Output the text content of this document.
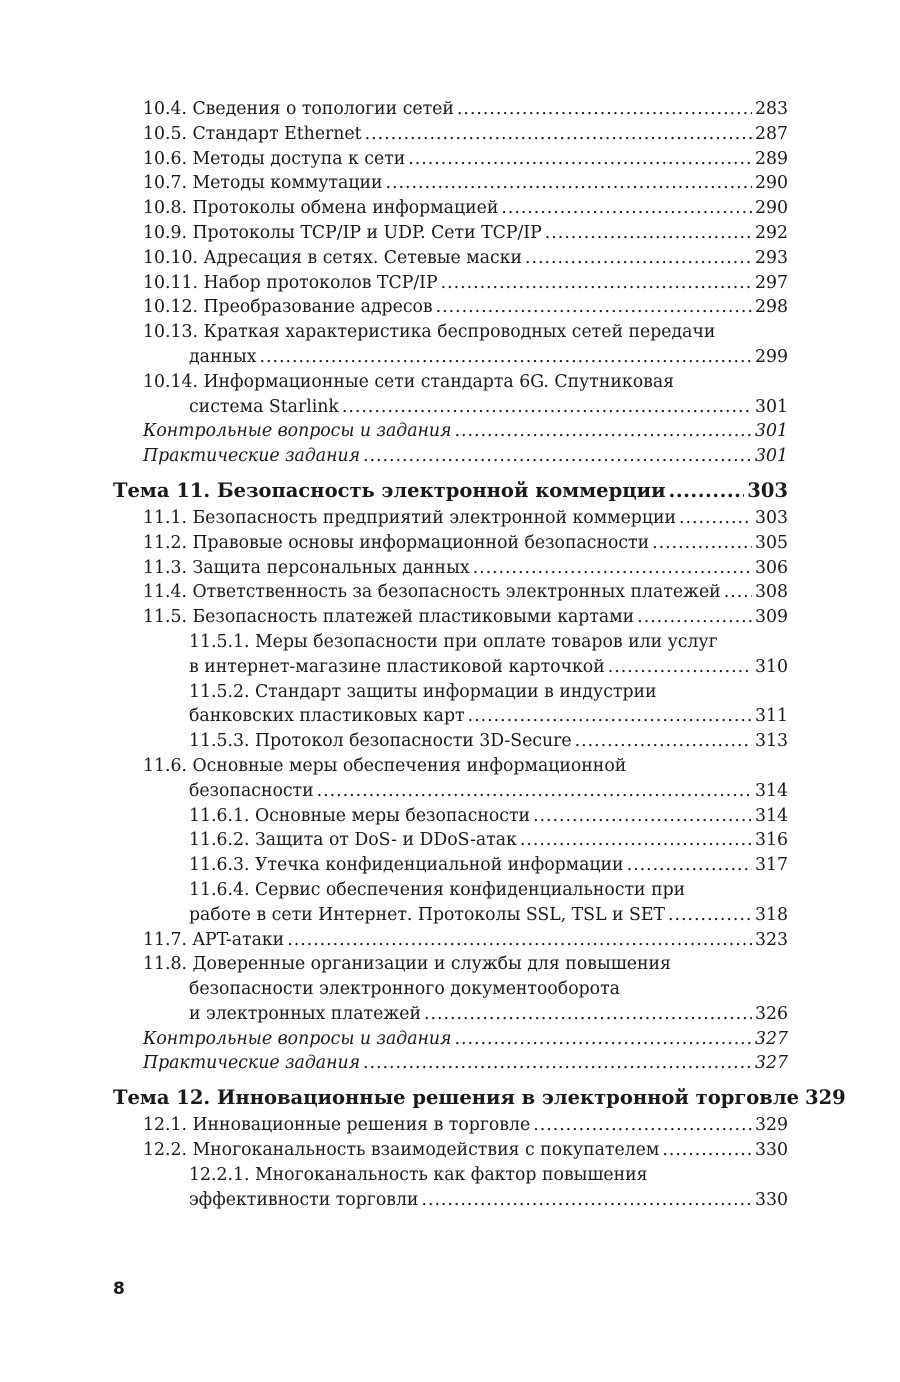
10.4. Сведения о топологии сетей .....	283
10.5. Стандарт Ethernet .....	287
10.6. Методы доступа к сети .....	289
10.7. Методы коммутации .....	290
10.8. Протоколы обмена информацией .....	290
10.9. Протоколы TCP/IP и UDP. Сети TCP/IP .....	292
10.10. Адресация в сетях. Сетевые маски .....	293
10.11. Набор протоколов TCP/IP .....	297
10.12. Преобразование адресов .....	298
10.13. Краткая характеристика беспроводных сетей передачи
данных .....	299
10.14. Информационные сети стандарта 6G. Спутниковая
система Starlink .....	301
Контрольные вопросы и задания .....	301
Практические задания .....	301
Тема 11. Безопасность электронной коммерции .....	303
11.1. Безопасность предприятий электронной коммерции .....	303
11.2. Правовые основы информационной безопасности .....	305
11.3. Защита персональных данных .....	306
11.4. Ответственность за безопасность электронных платежей ..... 308
11.5. Безопасность платежей пластиковыми картами .....	309
11.5.1. Меры безопасности при оплате товаров или услуг
в интернет-магазине пластиковой карточкой .....	310
11.5.2. Стандарт защиты информации в индустрии
банковских пластиковых карт .....	311
11.5.3. Протокол безопасности 3D-Secure .....	313
11.6. Основные меры обеспечения информационной
безопасности .....	314
11.6.1. Основные меры безопасности .....	314
11.6.2. Защита от DoS- и DDoS-атак .....	316
11.6.3. Утечка конфиденциальной информации .....	317
11.6.4. Сервис обеспечения конфиденциальности при
работе в сети Интернет. Протоколы SSL, TSL и SET .....	318
11.7. APT-атаки .....	323
11.8. Доверенные организации и службы для повышения
безопасности электронного документооборота
и электронных платежей .....	326
Контрольные вопросы и задания .....	327
Практические задания .....	327
Тема 12. Инновационные решения в электронной торговле 329
12.1. Инновационные решения в торговле .....	329
12.2. Многоканальность взаимодействия с покупателем .....	330
12.2.1. Многоканальность как фактор повышения
эффективности торговли .....	330
8
